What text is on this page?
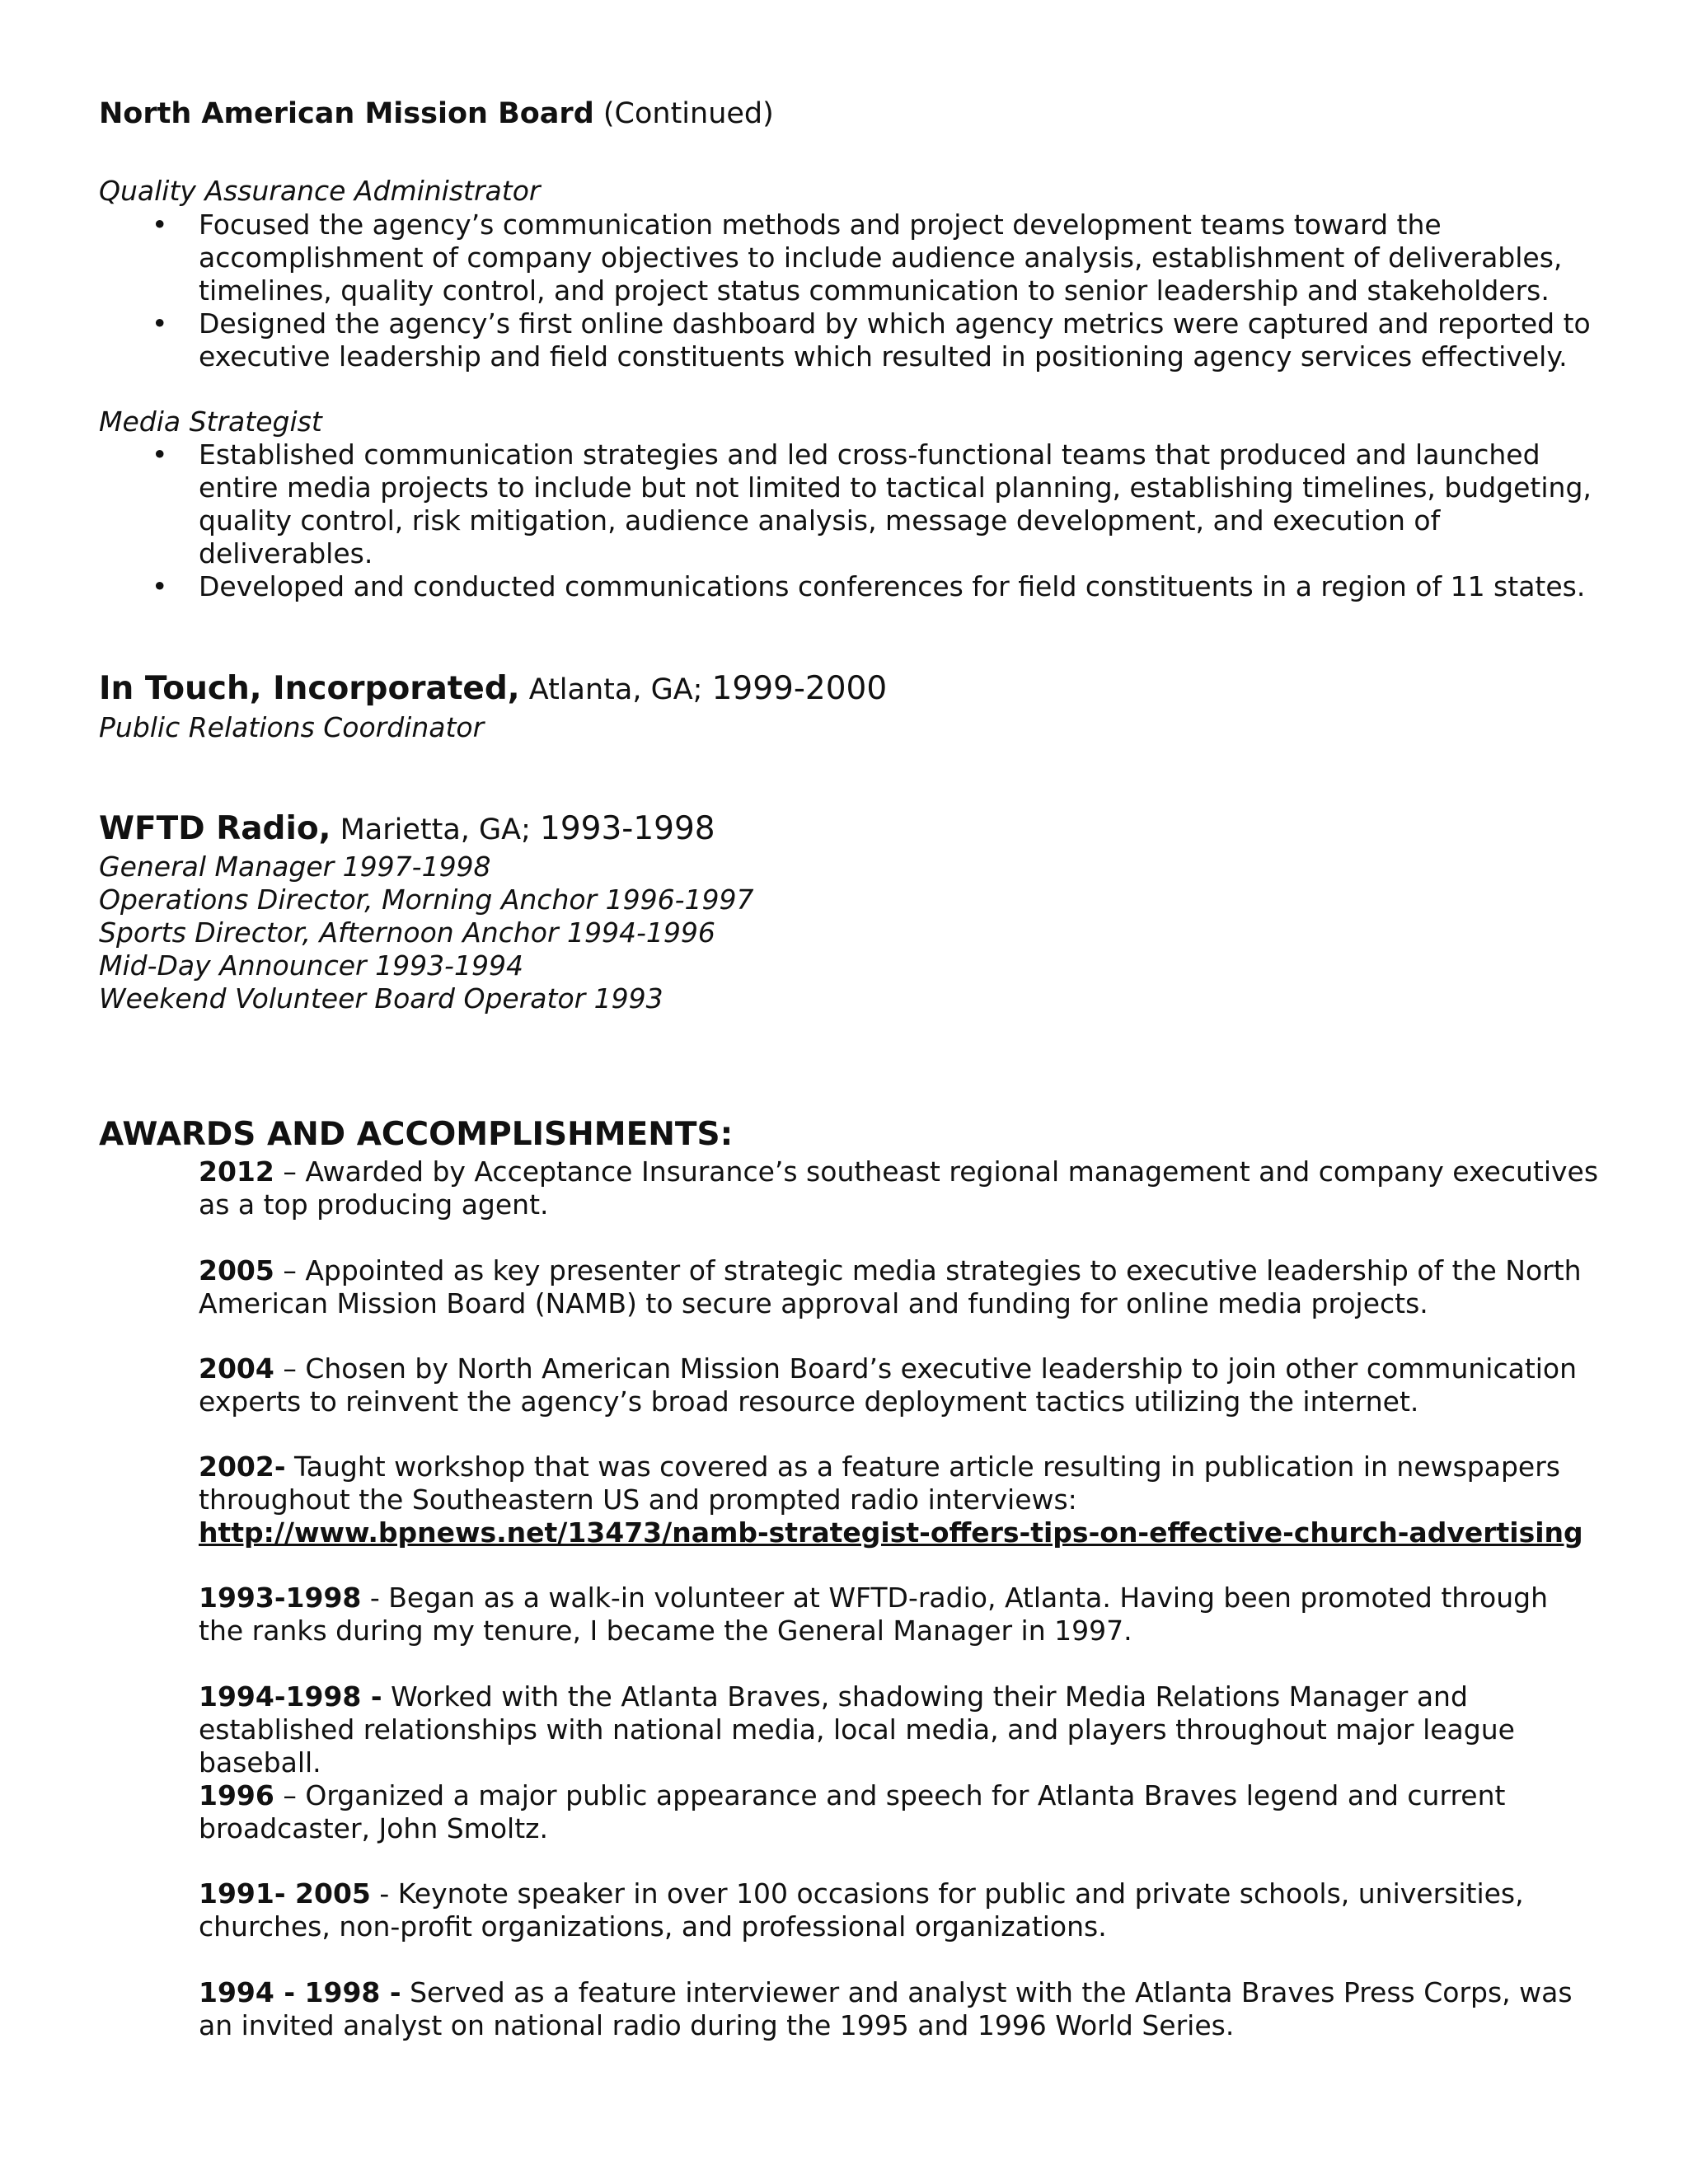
North American Mission Board (Continued)
Quality Assurance Administrator
• Focused the agency’s communication methods and project development teams toward the accomplishment of company objectives to include audience analysis, establishment of deliverables, timelines, quality control, and project status communication to senior leadership and stakeholders.
• Designed the agency’s first online dashboard by which agency metrics were captured and reported to executive leadership and field constituents which resulted in positioning agency services effectively.
Media Strategist
• Established communication strategies and led cross-functional teams that produced and launched entire media projects to include but not limited to tactical planning, establishing timelines, budgeting, quality control, risk mitigation, audience analysis, message development, and execution of deliverables.
• Developed and conducted communications conferences for field constituents in a region of 11 states.
In Touch, Incorporated, Atlanta, GA; 1999-2000
Public Relations Coordinator
WFTD Radio, Marietta, GA; 1993-1998
General Manager 1997-1998
Operations Director, Morning Anchor 1996-1997
Sports Director, Afternoon Anchor 1994-1996
Mid-Day Announcer 1993-1994
Weekend Volunteer Board Operator 1993
AWARDS AND ACCOMPLISHMENTS:
2012 – Awarded by Acceptance Insurance’s southeast regional management and company executives as a top producing agent.
2005 – Appointed as key presenter of strategic media strategies to executive leadership of the North American Mission Board (NAMB) to secure approval and funding for online media projects.
2004 – Chosen by North American Mission Board’s executive leadership to join other communication experts to reinvent the agency’s broad resource deployment tactics utilizing the internet.
2002- Taught workshop that was covered as a feature article resulting in publication in newspapers throughout the Southeastern US and prompted radio interviews: http://www.bpnews.net/13473/namb-strategist-offers-tips-on-effective-church-advertising
1993-1998 - Began as a walk-in volunteer at WFTD-radio, Atlanta. Having been promoted through the ranks during my tenure, I became the General Manager in 1997.
1994-1998 - Worked with the Atlanta Braves, shadowing their Media Relations Manager and established relationships with national media, local media, and players throughout major league baseball.
1996 – Organized a major public appearance and speech for Atlanta Braves legend and current broadcaster, John Smoltz.
1991- 2005 - Keynote speaker in over 100 occasions for public and private schools, universities, churches, non-profit organizations, and professional organizations.
1994 - 1998 - Served as a feature interviewer and analyst with the Atlanta Braves Press Corps, was an invited analyst on national radio during the 1995 and 1996 World Series.
